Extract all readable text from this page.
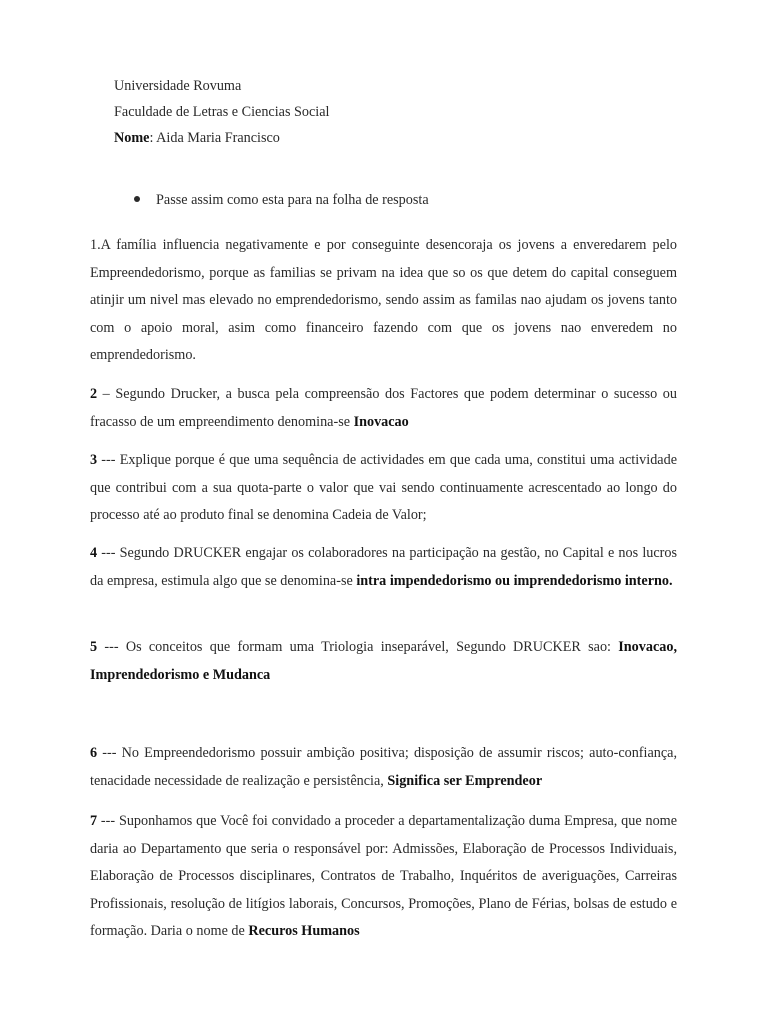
Universidade Rovuma
Faculdade de Letras e Ciencias Social
Nome: Aida Maria Francisco
Passe assim como esta para na folha de resposta

1.A família influencia negativamente e por conseguinte desencoraja os jovens a enveredarem pelo Empreendedorismo, porque as familias se privam na idea que so os que detem do capital conseguem atinjir um nivel mas elevado no emprendedorismo, sendo assim as familas nao ajudam os jovens tanto com o apoio moral, asim como financeiro fazendo com que os jovens nao enveredem no emprendedorismo.

2 – Segundo Drucker, a busca pela compreensão dos Factores que podem determinar o sucesso ou fracasso de um empreendimento denomina-se Inovacao

3 --- Explique porque é que uma sequência de actividades em que cada uma, constitui uma actividade que contribui com a sua quota-parte o valor que vai sendo continuamente acrescentado ao longo do processo até ao produto final se denomina Cadeia de Valor;

4 --- Segundo DRUCKER engajar os colaboradores na participação na gestão, no Capital e nos lucros da empresa, estimula algo que se denomina-se intra impendedorismo ou imprendedorismo interno.

5 --- Os conceitos que formam uma Triologia inseparável, Segundo DRUCKER sao: Inovacao, Imprendedorismo e Mudanca

6 --- No Empreendedorismo possuir ambição positiva; disposição de assumir riscos; auto-confiança, tenacidade necessidade de realização e persistência, Significa ser Emprendeor

7 --- Suponhamos que Você foi convidado a proceder a departamentalização duma Empresa, que nome daria ao Departamento que seria o responsável por: Admissões, Elaboração de Processos Individuais, Elaboração de Processos disciplinares, Contratos de Trabalho, Inquéritos de averiguações, Carreiras Profissionais, resolução de litígios laborais, Concursos, Promoções, Plano de Férias, bolsas de estudo e formação. Daria o nome de Recuros Humanos
